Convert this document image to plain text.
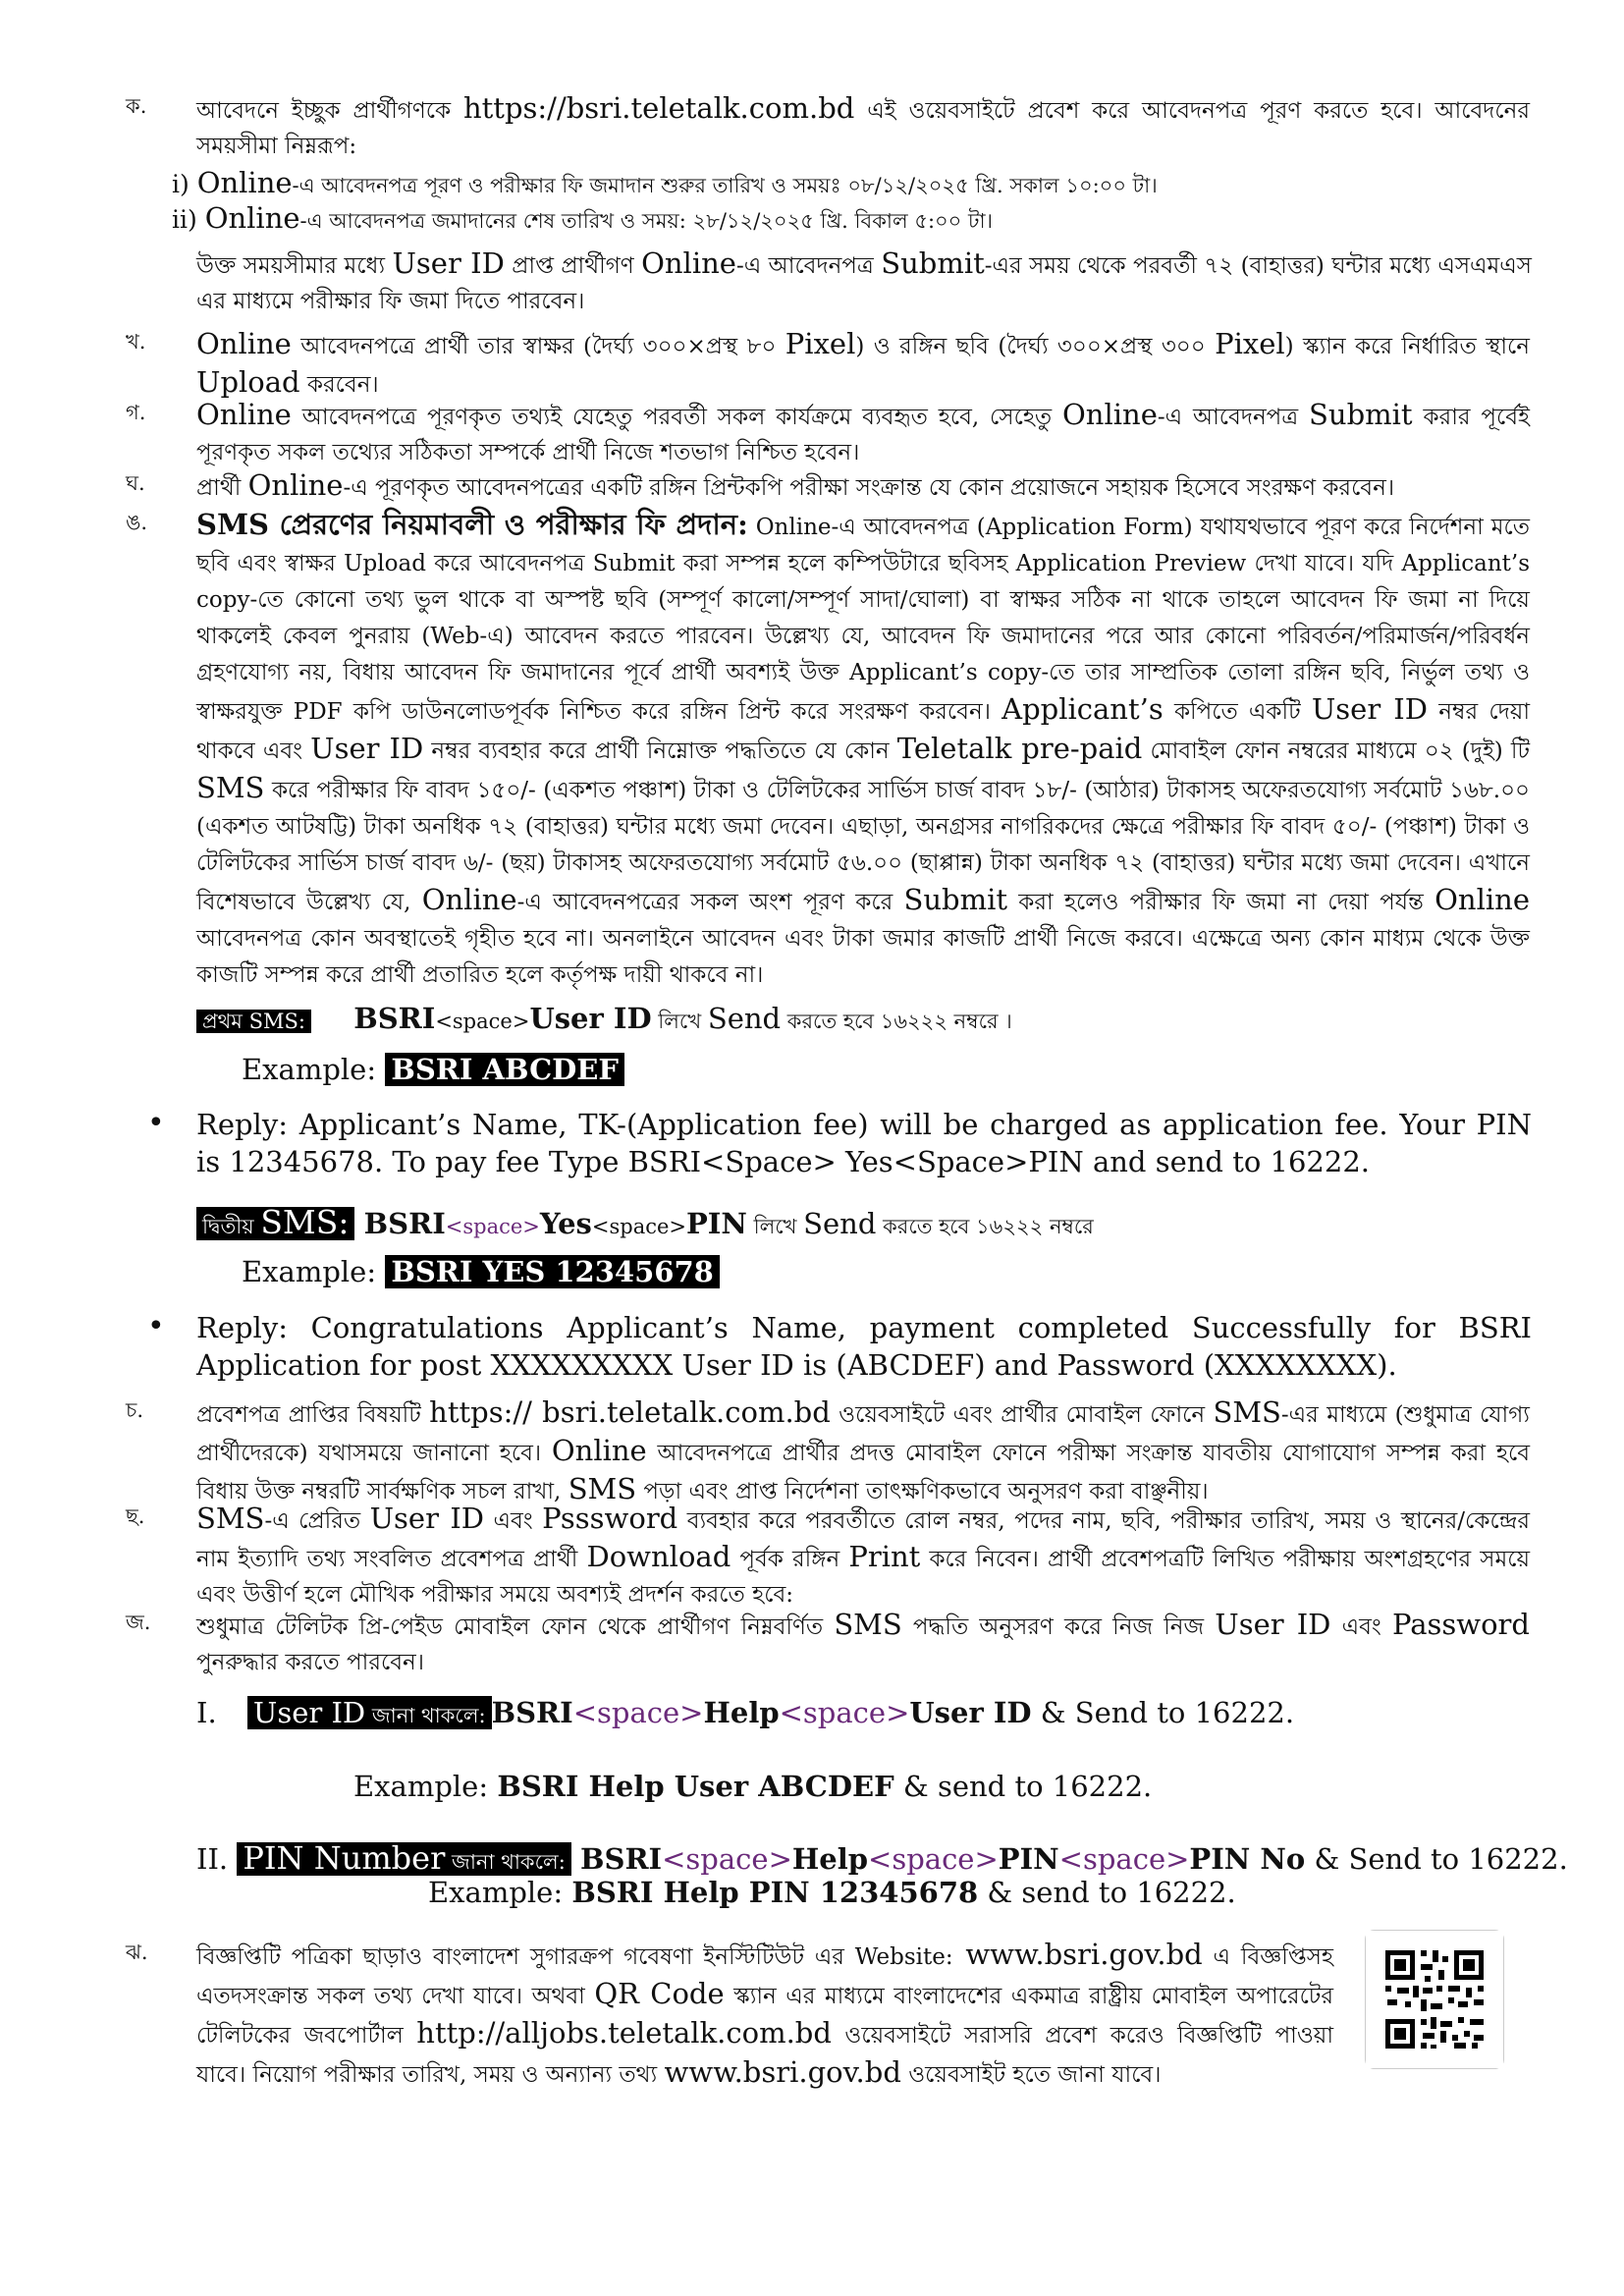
ক. আবেদনে ইচ্ছুক প্রার্থীগণকে https://bsri.teletalk.com.bd এই ওয়েবসাইটে প্রবেশ করে আবেদনপত্র পূরণ করতে হবে। আবেদনের সময়সীমা নিম্নরূপ:

i) Online-এ আবেদনপত্র পূরণ ও পরীক্ষার ফি জমাদান শুরুর তারিখ ও সময়ঃ ০৮/১২/২০২৫ খ্রি. সকাল ১০:০০ টা।

ii) Online-এ আবেদনপত্র জমাদানের শেষ তারিখ ও সময়: ২৮/১২/২০২৫ খ্রি. বিকাল ৫:০০ টা।

উক্ত সময়সীমার মধ্যে User ID প্রাপ্ত প্রার্থীগণ Online-এ আবেদনপত্র Submit-এর সময় থেকে পরবর্তী ৭২ (বাহাত্তর) ঘন্টার মধ্যে এসএমএস এর মাধ্যমে পরীক্ষার ফি জমা দিতে পারবেন।

খ. Online আবেদনপত্রে প্রার্থী তার স্বাক্ষর (দৈর্ঘ্য ৩০০×প্রস্থ ৮০ Pixel) ও রঙ্গিন ছবি (দৈর্ঘ্য ৩০০×প্রস্থ ৩০০ Pixel) স্ক্যান করে নির্ধারিত স্থানে Upload করবেন।

গ. Online আবেদনপত্রে পূরণকৃত তথ্যই যেহেতু পরবর্তী সকল কার্যক্রমে ব্যবহৃত হবে, সেহেতু Online-এ আবেদনপত্র Submit করার পূর্বেই পূরণকৃত সকল তথ্যের সঠিকতা সম্পর্কে প্রার্থী নিজে শতভাগ নিশ্চিত হবেন।

ঘ. প্রার্থী Online-এ পূরণকৃত আবেদনপত্রের একটি রঙ্গিন প্রিন্টকপি পরীক্ষা সংক্রান্ত যে কোন প্রয়োজনে সহায়ক হিসেবে সংরক্ষণ করবেন।

ঙ. SMS প্রেরণের নিয়মাবলী ও পরীক্ষার ফি প্রদান: Online-এ আবেদনপত্র (Application Form) যথাযথভাবে পূরণ করে নির্দেশনা মতে ছবি এবং স্বাক্ষর Upload করে আবেদনপত্র Submit করা সম্পন্ন হলে কম্পিউটারে ছবিসহ Application Preview দেখা যাবে। যদি Applicant’s copy-তে কোনো তথ্য ভুল থাকে বা অস্পষ্ট ছবি (সম্পূর্ণ কালো/সম্পূর্ণ সাদা/ঘোলা) বা স্বাক্ষর সঠিক না থাকে তাহলে আবেদন ফি জমা না দিয়ে থাকলেই কেবল পুনরায় (Web-এ) আবেদন করতে পারবেন। উল্লেখ্য যে, আবেদন ফি জমাদানের পরে আর কোনো পরিবর্তন/পরিমার্জন/পরিবর্ধন গ্রহণযোগ্য নয়, বিধায় আবেদন ফি জমাদানের পূর্বে প্রার্থী অবশ্যই উক্ত Applicant’s copy-তে তার সাম্প্রতিক তোলা রঙ্গিন ছবি, নির্ভুল তথ্য ও স্বাক্ষরযুক্ত PDF কপি ডাউনলোডপূর্বক নিশ্চিত করে রঙ্গিন প্রিন্ট করে সংরক্ষণ করবেন। Applicant’s কপিতে একটি User ID নম্বর দেয়া থাকবে এবং User ID নম্বর ব্যবহার করে প্রার্থী নিম্নোক্ত পদ্ধতিতে যে কোন Teletalk pre-paid মোবাইল ফোন নম্বরের মাধ্যমে ০২ (দুই) টি SMS করে পরীক্ষার ফি বাবদ ১৫০/- (একশত পঞ্চাশ) টাকা ও টেলিটকের সার্ভিস চার্জ বাবদ ১৮/- (আঠার) টাকাসহ অফেরতযোগ্য সর্বমোট ১৬৮.০০ (একশত আটষট্টি) টাকা অনধিক ৭২ (বাহাত্তর) ঘন্টার মধ্যে জমা দেবেন। এছাড়া, অনগ্রসর নাগরিকদের ক্ষেত্রে পরীক্ষার ফি বাবদ ৫০/- (পঞ্চাশ) টাকা ও টেলিটকের সার্ভিস চার্জ বাবদ ৬/- (ছয়) টাকাসহ অফেরতযোগ্য সর্বমোট ৫৬.০০ (ছাপ্পান্ন) টাকা অনধিক ৭২ (বাহাত্তর) ঘন্টার মধ্যে জমা দেবেন। এখানে বিশেষভাবে উল্লেখ্য যে, Online-এ আবেদনপত্রের সকল অংশ পূরণ করে Submit করা হলেও পরীক্ষার ফি জমা না দেয়া পর্যন্ত Online আবেদনপত্র কোন অবস্থাতেই গৃহীত হবে না। অনলাইনে আবেদন এবং টাকা জমার কাজটি প্রার্থী নিজে করবে। এক্ষেত্রে অন্য কোন মাধ্যম থেকে উক্ত কাজটি সম্পন্ন করে প্রার্থী প্রতারিত হলে কর্তৃপক্ষ দায়ী থাকবে না।

প্রথম SMS: BSRI<space>User ID লিখে Send করতে হবে ১৬২২২ নম্বরে ।
Example: BSRI ABCDEF
• Reply: Applicant’s Name, TK-(Application fee) will be charged as application fee. Your PIN is 12345678. To pay fee Type BSRI<Space> Yes<Space>PIN and send to 16222.
দ্বিতীয় SMS: BSRI<space>Yes<space>PIN লিখে Send করতে হবে ১৬২২২ নম্বরে
Example: BSRI YES 12345678
• Reply: Congratulations Applicant’s Name, payment completed Successfully for BSRI Application for post XXXXXXXXX User ID is (ABCDEF) and Password (XXXXXXXX).
চ. প্রবেশপত্র প্রাপ্তির বিষয়টি https:// bsri.teletalk.com.bd ওয়েবসাইটে এবং প্রার্থীর মোবাইল ফোনে SMS-এর মাধ্যমে (শুধুমাত্র যোগ্য প্রার্থীদেরকে) যথাসময়ে জানানো হবে। Online আবেদনপত্রে প্রার্থীর প্রদত্ত মোবাইল ফোনে পরীক্ষা সংক্রান্ত যাবতীয় যোগাযোগ সম্পন্ন করা হবে বিধায় উক্ত নম্বরটি সার্বক্ষণিক সচল রাখা, SMS পড়া এবং প্রাপ্ত নির্দেশনা তাৎক্ষণিকভাবে অনুসরণ করা বাঞ্ছনীয়।

ছ. SMS-এ প্রেরিত User ID এবং Psssword ব্যবহার করে পরবর্তীতে রোল নম্বর, পদের নাম, ছবি, পরীক্ষার তারিখ, সময় ও স্থানের/কেন্দ্রের নাম ইত্যাদি তথ্য সংবলিত প্রবেশপত্র প্রার্থী Download পূর্বক রঙ্গিন Print করে নিবেন। প্রার্থী প্রবেশপত্রটি লিখিত পরীক্ষায় অংশগ্রহণের সময়ে এবং উত্তীর্ণ হলে মৌখিক পরীক্ষার সময়ে অবশ্যই প্রদর্শন করতে হবে:

জ. শুধুমাত্র টেলিটক প্রি-পেইড মোবাইল ফোন থেকে প্রার্থীগণ নিম্নবর্ণিত SMS পদ্ধতি অনুসরণ করে নিজ নিজ User ID এবং Password পুনরুদ্ধার করতে পারবেন।

I. User ID জানা থাকলে: BSRI<space>Help<space>User ID & Send to 16222.
Example: BSRI Help User ABCDEF & send to 16222.
II. PIN Number জানা থাকলে: BSRI<space>Help<space>PIN<space>PIN No & Send to 16222.
Example: BSRI Help PIN 12345678 & send to 16222.
ঝ. বিজ্ঞপ্তিটি পত্রিকা ছাড়াও বাংলাদেশ সুগারক্রপ গবেষণা ইনস্টিটিউট এর Website: www.bsri.gov.bd এ বিজ্ঞপ্তিসহ এতদসংক্রান্ত সকল তথ্য দেখা যাবে। অথবা QR Code স্ক্যান এর মাধ্যমে বাংলাদেশের একমাত্র রাষ্ট্রীয় মোবাইল অপারেটের টেলিটকের জবপোর্টাল http://alljobs.teletalk.com.bd ওয়েবসাইটে সরাসরি প্রবেশ করেও বিজ্ঞপ্তিটি পাওয়া যাবে। নিয়োগ পরীক্ষার তারিখ, সময় ও অন্যান্য তথ্য www.bsri.gov.bd ওয়েবসাইট হতে জানা যাবে।
